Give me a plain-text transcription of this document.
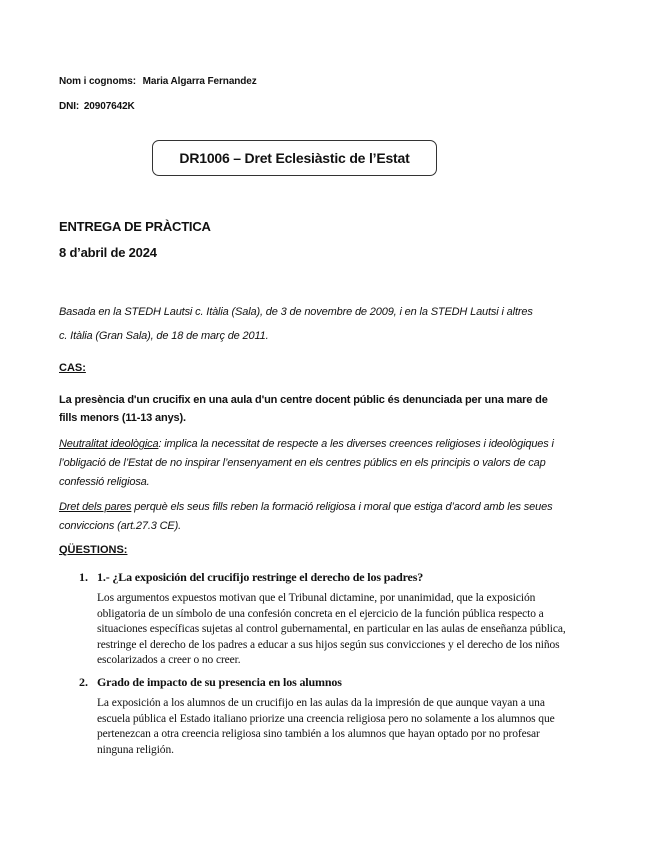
Nom i cognoms: Maria Algarra Fernandez
DNI: 20907642K
DR1006 – Dret Eclesiàstic de l’Estat
ENTREGA DE PRÀCTICA
8 d’abril de 2024
Basada en la STEDH Lautsi c. Itàlia (Sala), de 3 de novembre de 2009, i en la STEDH Lautsi i altres
c. Itàlia (Gran Sala), de 18 de març de 2011.
CAS:
La presència d'un crucifix en una aula d'un centre docent públic és denunciada per una mare de fills menors (11-13 anys).
Neutralitat ideològica: implica la necessitat de respecte a les diverses creences religioses i ideològiques i l’obligació de l’Estat de no inspirar l’ensenyament en els centres públics en els principis o valors de cap confessió religiosa.
Dret dels pares perquè els seus fills reben la formació religiosa i moral que estiga d’acord amb les seues conviccions (art.27.3 CE).
QÜESTIONS:
1. 1.- ¿La exposición del crucifijo restringe el derecho de los padres?
Los argumentos expuestos motivan que el Tribunal dictamine, por unanimidad, que la exposición obligatoria de un símbolo de una confesión concreta en el ejercicio de la función pública respecto a situaciones específicas sujetas al control gubernamental, en particular en las aulas de enseñanza pública, restringe el derecho de los padres a educar a sus hijos según sus convicciones y el derecho de los niños escolarizados a creer o no creer.
2. Grado de impacto de su presencia en los alumnos
La exposición a los alumnos de un crucifijo en las aulas da la impresión de que aunque vayan a una escuela pública el Estado italiano priorize una creencia religiosa pero no solamente a los alumnos que pertenezcan a otra creencia religiosa sino también a los alumnos que hayan optado por no profesar ninguna religión.
